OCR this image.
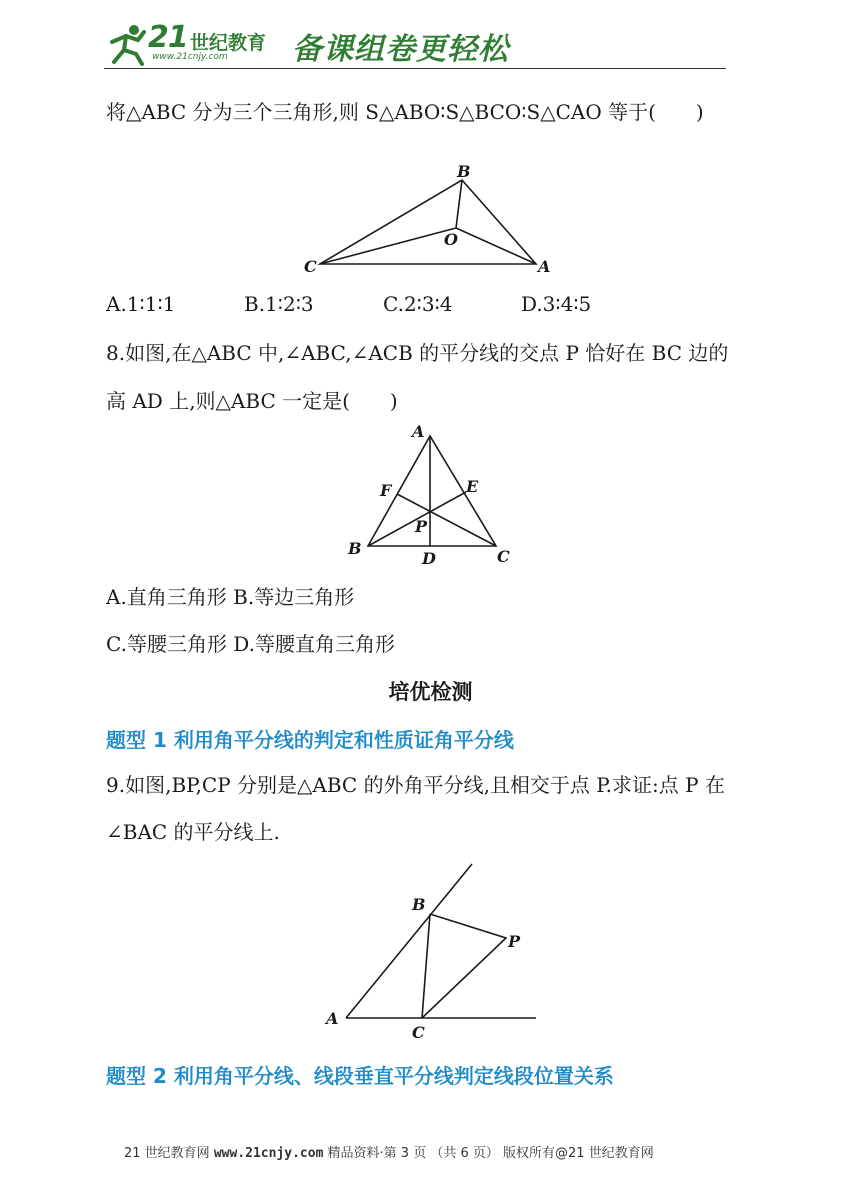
21 世纪教育
www.21cnjy.com 备课组卷更轻松
将△ABC 分为三个三角形,则 S△ABO∶S△BCO∶S△CAO 等于(　　)
B
O
C	A
A.1∶1∶1	B.1∶2∶3	C.2∶3∶4	D.3∶4∶5
8.如图,在△ABC 中,∠ABC,∠ACB 的平分线的交点 P 恰好在 BC 边的
高 AD 上,则△ABC 一定是(　　)
A
F	E
P
B
D	C
A.直角三角形 B.等边三角形
C.等腰三角形 D.等腰直角三角形
培优检测
题型 1 利用角平分线的判定和性质证角平分线
9.如图,BP,CP 分别是△ABC 的外角平分线,且相交于点 P.求证:点 P 在
∠BAC 的平分线上.
B
P
A
C
题型 2 利用角平分线、线段垂直平分线判定线段位置关系
21 世纪教育网 www.21cnjy.com 精品资料·第 3 页 （共 6 页） 版权所有@21 世纪教育网
